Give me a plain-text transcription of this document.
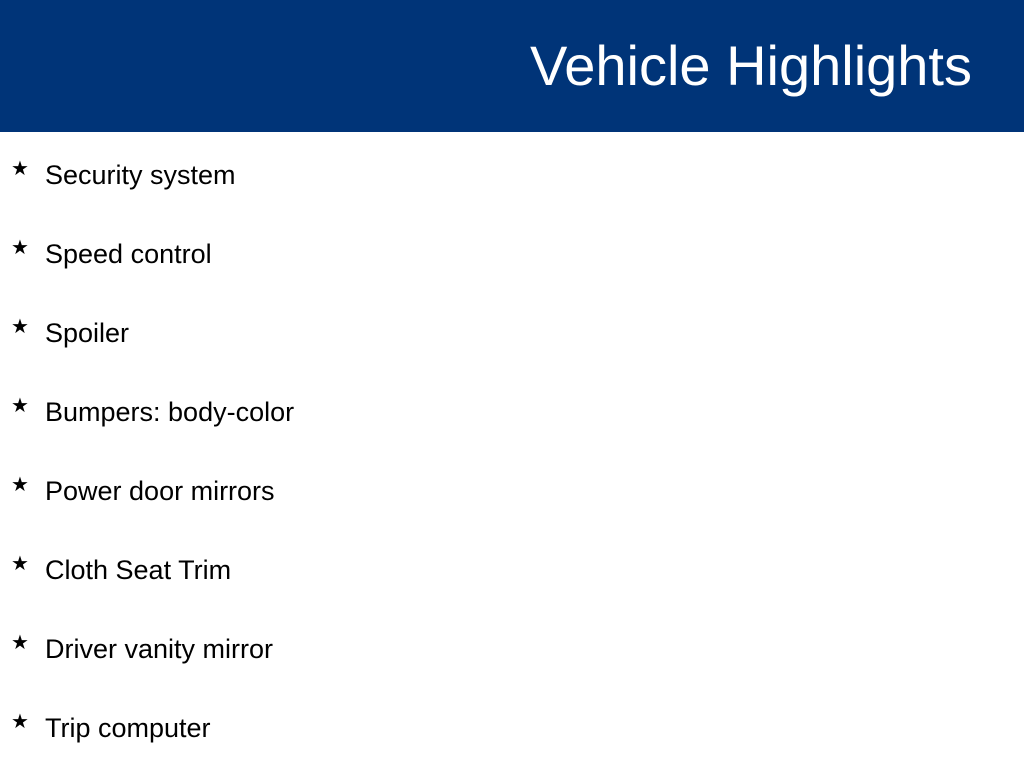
Vehicle Highlights
★ Security system
★ Speed control
★ Spoiler
★ Bumpers: body-color
★ Power door mirrors
★ Cloth Seat Trim
★ Driver vanity mirror
★ Trip computer
